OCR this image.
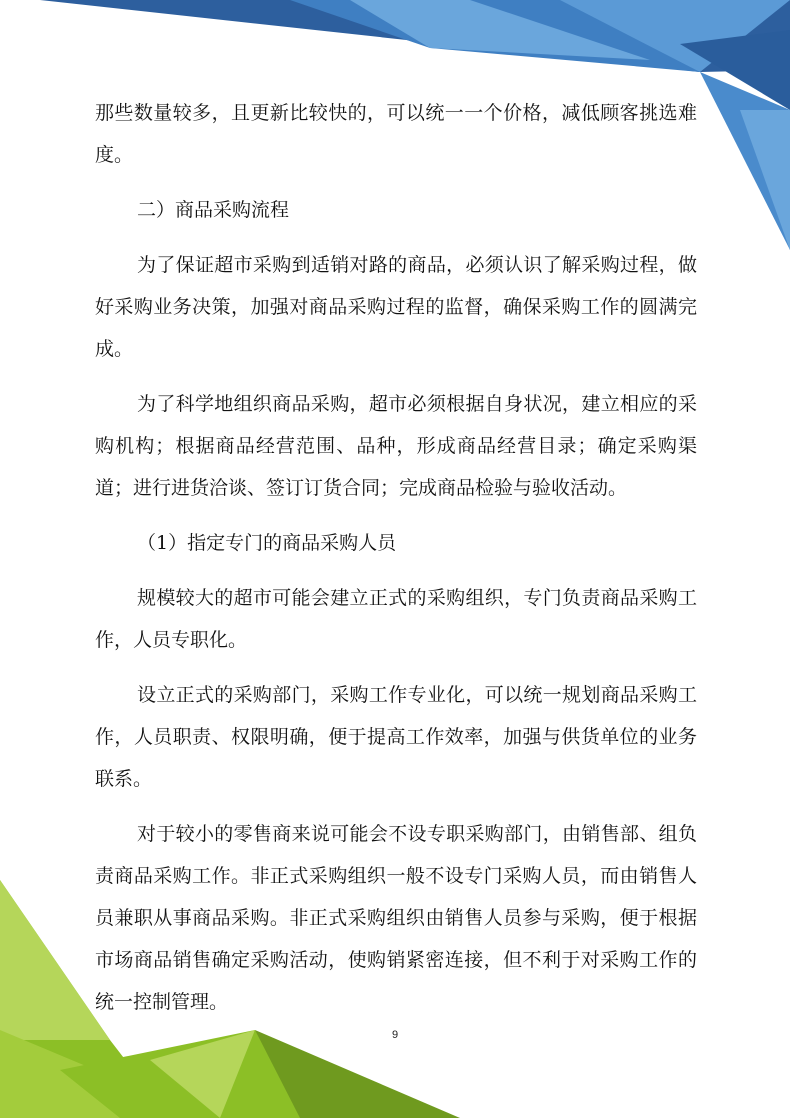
那些数量较多，且更新比较快的，可以统一一个价格，减低顾客挑选难度。

二）商品采购流程

为了保证超市采购到适销对路的商品，必须认识了解采购过程，做好采购业务决策，加强对商品采购过程的监督，确保采购工作的圆满完成。

为了科学地组织商品采购，超市必须根据自身状况，建立相应的采购机构；根据商品经营范围、品种，形成商品经营目录；确定采购渠道；进行进货洽谈、签订订货合同；完成商品检验与验收活动。

（1）指定专门的商品采购人员

规模较大的超市可能会建立正式的采购组织，专门负责商品采购工作，人员专职化。

设立正式的采购部门，采购工作专业化，可以统一规划商品采购工作，人员职责、权限明确，便于提高工作效率，加强与供货单位的业务联系。

对于较小的零售商来说可能会不设专职采购部门，由销售部、组负责商品采购工作。非正式采购组织一般不设专门采购人员，而由销售人员兼职从事商品采购。非正式采购组织由销售人员参与采购，便于根据市场商品销售确定采购活动，使购销紧密连接，但不利于对采购工作的统一控制管理。

9
